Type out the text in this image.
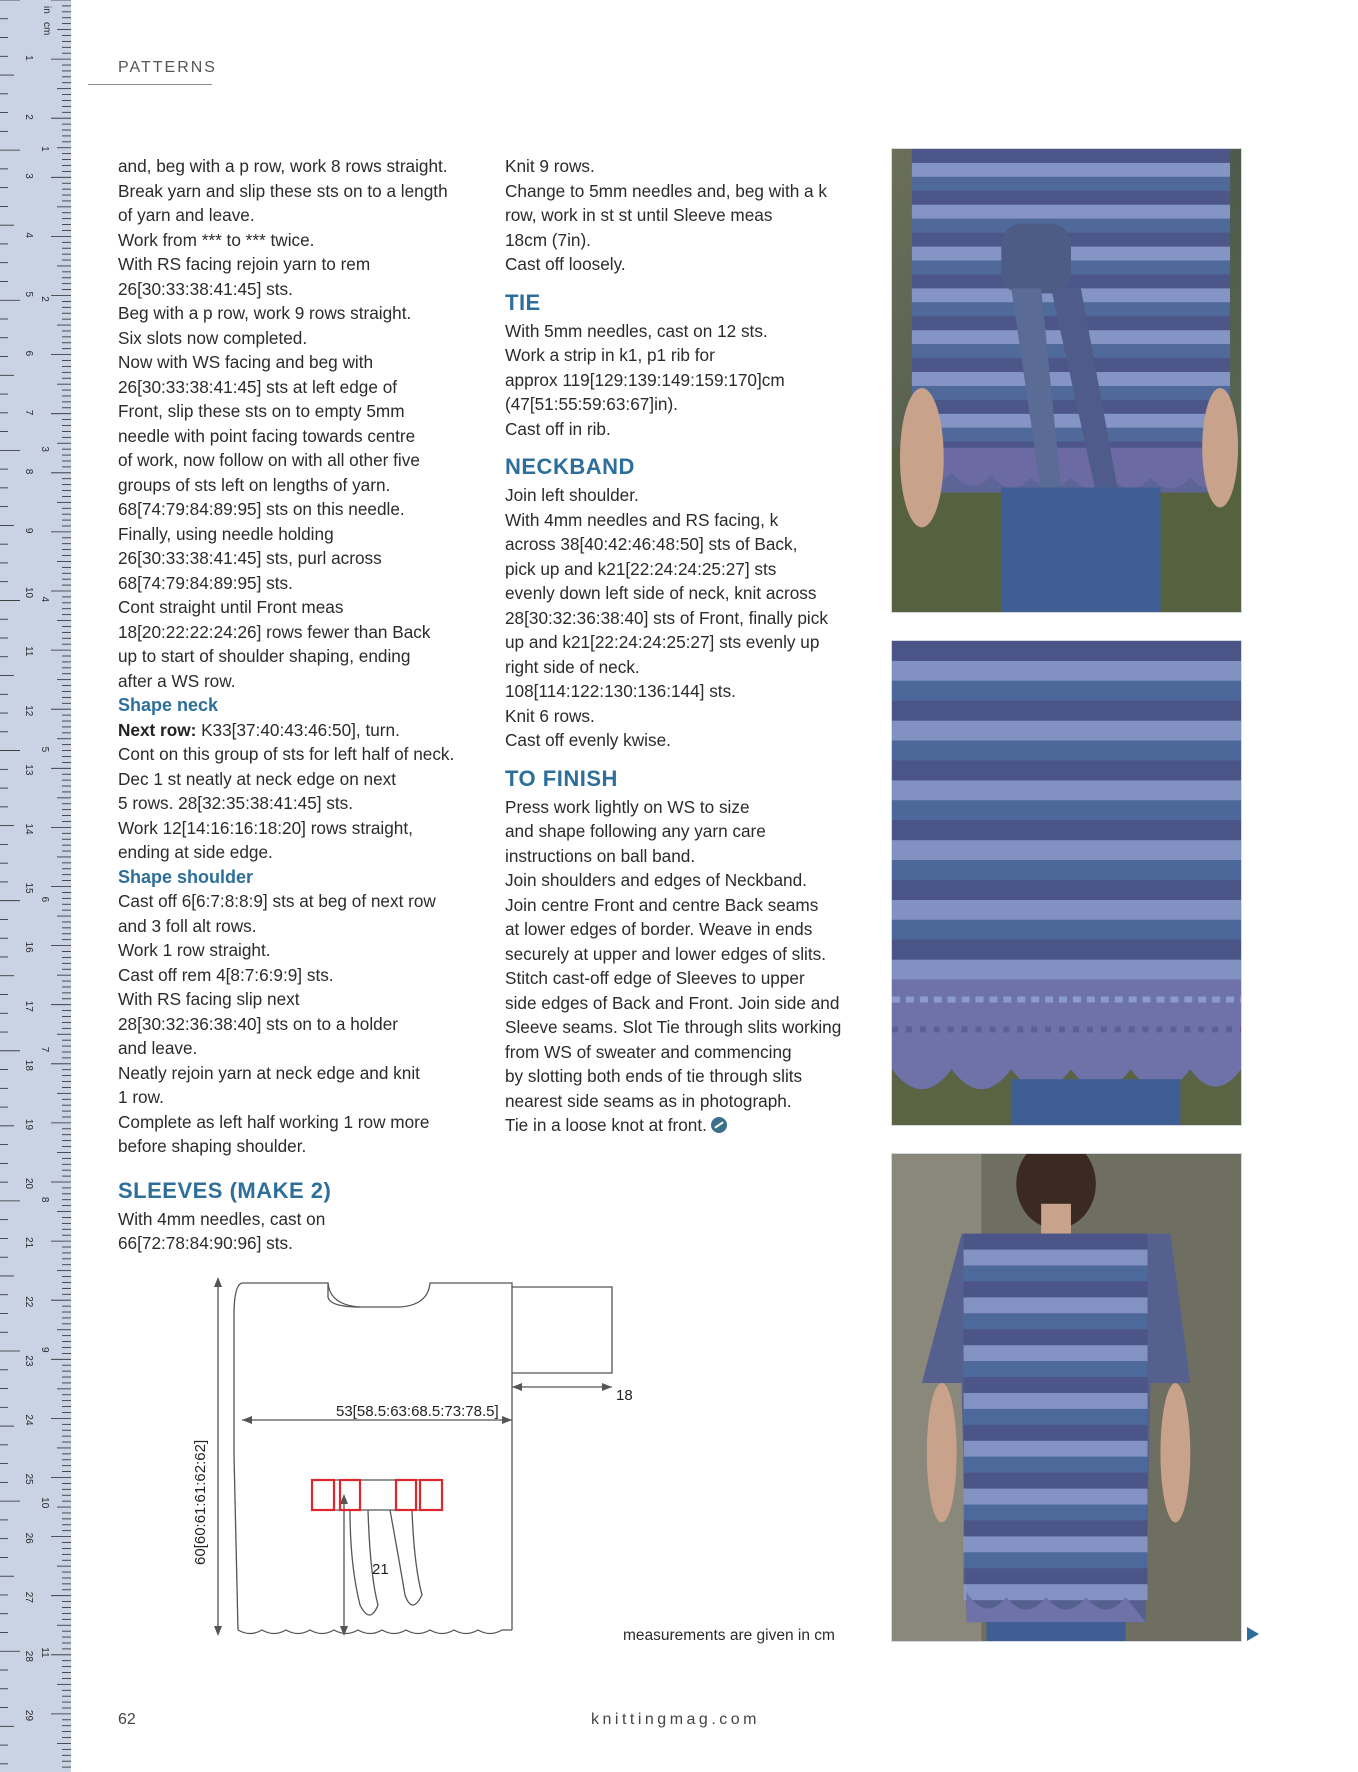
in
cm
1
2
3
4
5
6
7
8
9
10
11
12
13
14
15
16
17
18
19
20
21
22
23
24
25
26
27
28
29
1
2
3
4
5
6
7
8
9
10
11
PATTERNS
and, beg with a p row, work 8 rows straight.
Break yarn and slip these sts on to a length
of yarn and leave.
Work from *** to *** twice.
With RS facing rejoin yarn to rem
26[30:33:38:41:45] sts.
Beg with a p row, work 9 rows straight.
Six slots now completed.
Now with WS facing and beg with
26[30:33:38:41:45] sts at left edge of
Front, slip these sts on to empty 5mm
needle with point facing towards centre
of work, now follow on with all other five
groups of sts left on lengths of yarn.
68[74:79:84:89:95] sts on this needle.
Finally, using needle holding
26[30:33:38:41:45] sts, purl across
68[74:79:84:89:95] sts.
Cont straight until Front meas
18[20:22:22:24:26] rows fewer than Back
up to start of shoulder shaping, ending
after a WS row.
Shape neck
Next row: K33[37:40:43:46:50], turn.
Cont on this group of sts for left half of neck.
Dec 1 st neatly at neck edge on next
5 rows. 28[32:35:38:41:45] sts.
Work 12[14:16:16:18:20] rows straight,
ending at side edge.
Shape shoulder
Cast off 6[6:7:8:8:9] sts at beg of next row
and 3 foll alt rows.
Work 1 row straight.
Cast off rem 4[8:7:6:9:9] sts.
With RS facing slip next
28[30:32:36:38:40] sts on to a holder
and leave.
Neatly rejoin yarn at neck edge and knit
1 row.
Complete as left half working 1 row more
before shaping shoulder.
SLEEVES (MAKE 2)
With 4mm needles, cast on
66[72:78:84:90:96] sts.
Knit 9 rows.
Change to 5mm needles and, beg with a k
row, work in st st until Sleeve meas
18cm (7in).
Cast off loosely.
TIE
With 5mm needles, cast on 12 sts.
Work a strip in k1, p1 rib for
approx 119[129:139:149:159:170]cm
(47[51:55:59:63:67]in).
Cast off in rib.
NECKBAND
Join left shoulder.
With 4mm needles and RS facing, k
across 38[40:42:46:48:50] sts of Back,
pick up and k21[22:24:24:25:27] sts
evenly down left side of neck, knit across
28[30:32:36:38:40] sts of Front, finally pick
up and k21[22:24:24:25:27] sts evenly up
right side of neck.
108[114:122:130:136:144] sts.
Knit 6 rows.
Cast off evenly kwise.
TO FINISH
Press work lightly on WS to size
and shape following any yarn care
instructions on ball band.
Join shoulders and edges of Neckband.
Join centre Front and centre Back seams
at lower edges of border. Weave in ends
securely at upper and lower edges of slits.
Stitch cast-off edge of Sleeves to upper
side edges of Back and Front. Join side and
Sleeve seams. Slot Tie through slits working
from WS of sweater and commencing
by slotting both ends of tie through slits
nearest side seams as in photograph.
Tie in a loose knot at front.
53[58.5:63:68.5:73:78.5]
18
60[60:61:61:62:62]
21
measurements are given in cm
62	knittingmag.com
